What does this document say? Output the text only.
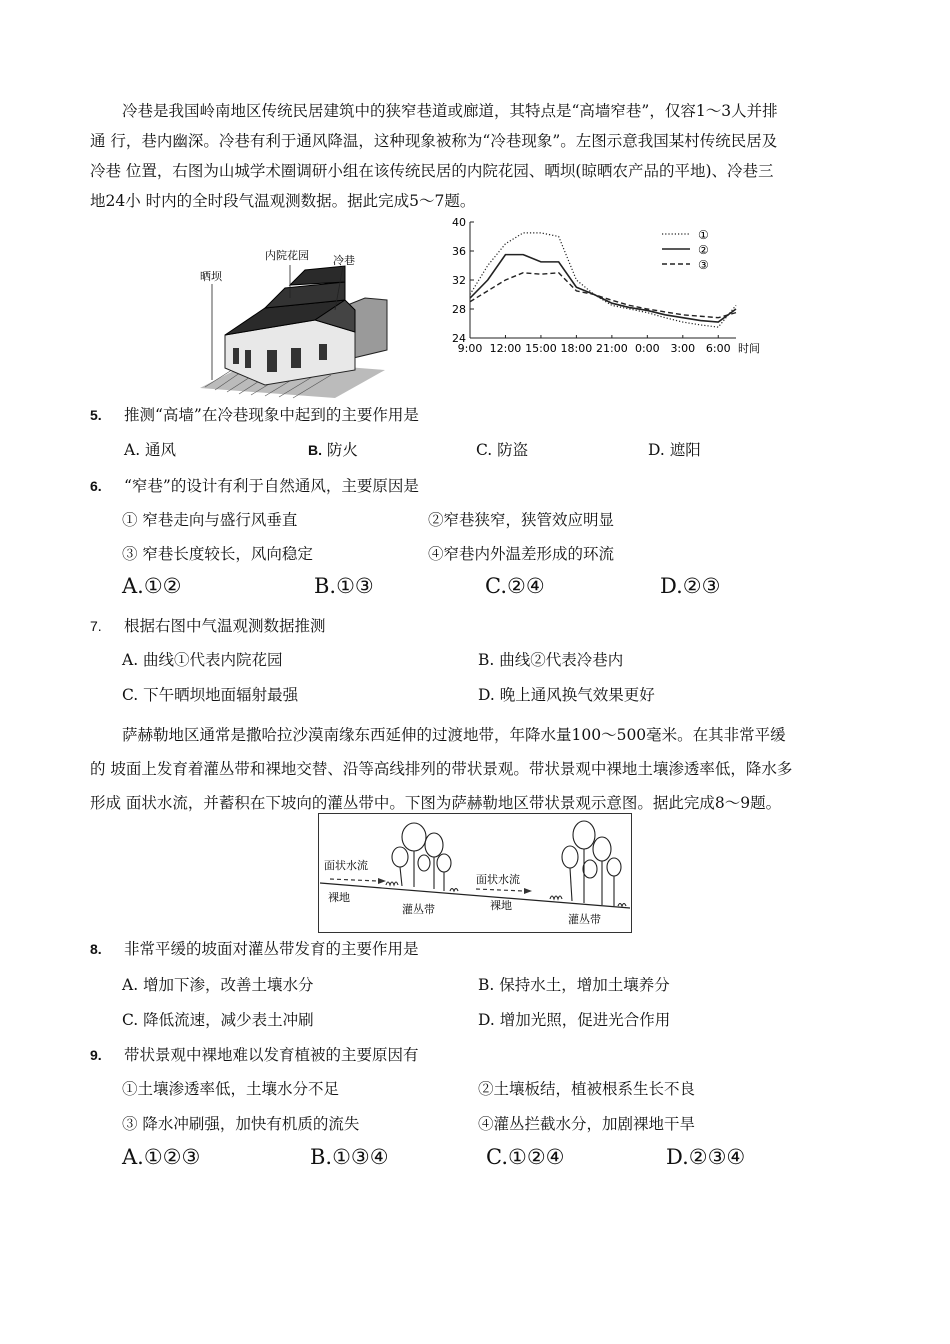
冷巷是我国岭南地区传统民居建筑中的狭窄巷道或廊道，其特点是“高墙窄巷”，仅容1～3人并排
通 行，巷内幽深。冷巷有利于通风降温，这种现象被称为“冷巷现象”。左图示意我国某村传统民居及
冷巷 位置，右图为山城学术圈调研小组在该传统民居的内院花园、晒坝(晾晒农产品的平地)、冷巷三
地24小 时内的全时段气温观测数据。据此完成5～7题。
晒坝
内院花园 冷巷
24
28
32
36
40
9:00 12:00 15:00 18:00 21:00 0:00 3:00 6:00 时间
①
②
③
5. 推测“高墙”在冷巷现象中起到的主要作用是
A. 通风	B. 防火	C. 防盗	D. 遮阳
6. “窄巷”的设计有利于自然通风，主要原因是
① 窄巷走向与盛行风垂直	②窄巷狭窄，狭管效应明显
③ 窄巷长度较长，风向稳定	④窄巷内外温差形成的环流
A.①②	B.①③	C.②④	D.②③
7. 根据右图中气温观测数据推测
A. 曲线①代表内院花园	B. 曲线②代表冷巷内
C. 下午晒坝地面辐射最强	D. 晚上通风换气效果更好
萨赫勒地区通常是撒哈拉沙漠南缘东西延伸的过渡地带，年降水量100～500毫米。在其非常平缓
的 坡面上发育着灌丛带和裸地交替、沿等高线排列的带状景观。带状景观中裸地土壤渗透率低，降水多
形成 面状水流，并蓄积在下坡向的灌丛带中。下图为萨赫勒地区带状景观示意图。据此完成8～9题。
面状水流
裸地
灌丛带
面状水流
裸地
灌丛带
8. 非常平缓的坡面对灌丛带发育的主要作用是
A. 增加下渗，改善土壤水分	B. 保持水土，增加土壤养分
C. 降低流速，减少表土冲刷	D. 增加光照，促进光合作用
9. 带状景观中裸地难以发育植被的主要原因有
①土壤渗透率低，土壤水分不足	②土壤板结，植被根系生长不良
③ 降水冲刷强，加快有机质的流失	④灌丛拦截水分，加剧裸地干旱
A.①②③	B.①③④	C.①②④	D.②③④
